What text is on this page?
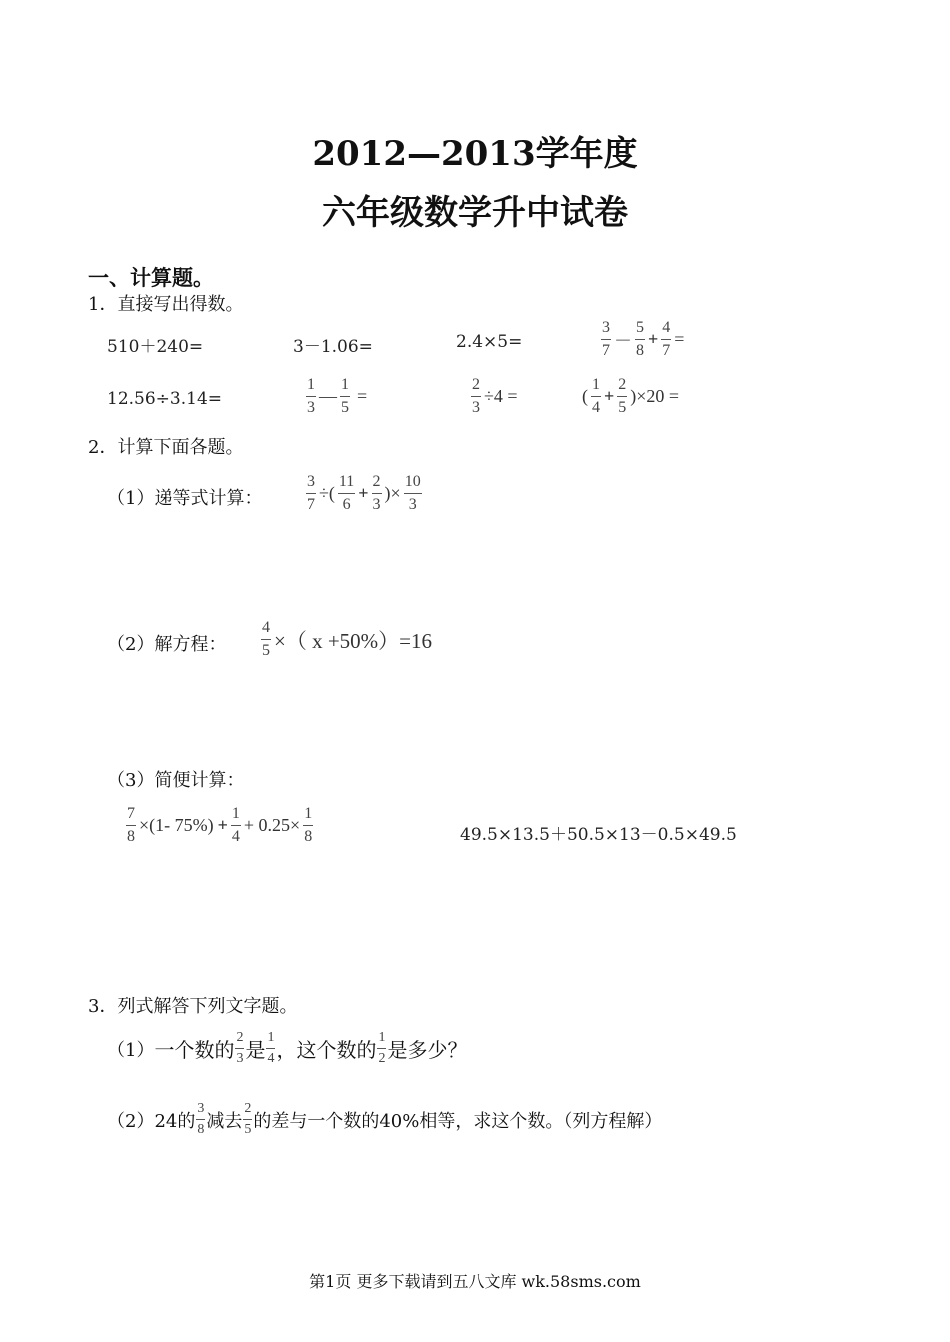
2012—2013学年度
六年级数学升中试卷
一、计算题。
1．直接写出得数。
510＋240=	3－1.06=	2.4×5=	$\frac{3}{7} - \frac{5}{8} + \frac{4}{7}$ =
12.56÷3.14=	$\frac{1}{3}$ — $\frac{1}{5}$ =	$\frac{2}{3} \div 4$ =	( $\frac{1}{4} + \frac{2}{5} )\times 20$ =
2．计算下面各题。
（1）递等式计算：	$\frac{3}{7}$ ÷( $\frac{11}{6} + \frac{2}{3}$ )× $\frac{10}{3}$
（2）解方程： $\frac{4}{5}$ ×（ x +50%）=16
（3）简便计算：
$\frac{7}{8}$ ×(1‐ $75\%) + \frac{1}{4} + 0.25\times \frac{1}{8}$	49.5×13.5＋50.5×13－0.5×49.5
3．列式解答下列文字题。
（1） 一个数的 $\frac{2}{3}$ 是 $\frac{1}{4}$ ，这个数的 $\frac{1}{2}$ 是多少？
（2） 24的 $\frac{3}{8}$ 减去 $\frac{2}{5}$ 的差与一个数的40%相等，求这个数。（列方程解）
第1页 更多下载请到五八文库 wk.58sms.com
